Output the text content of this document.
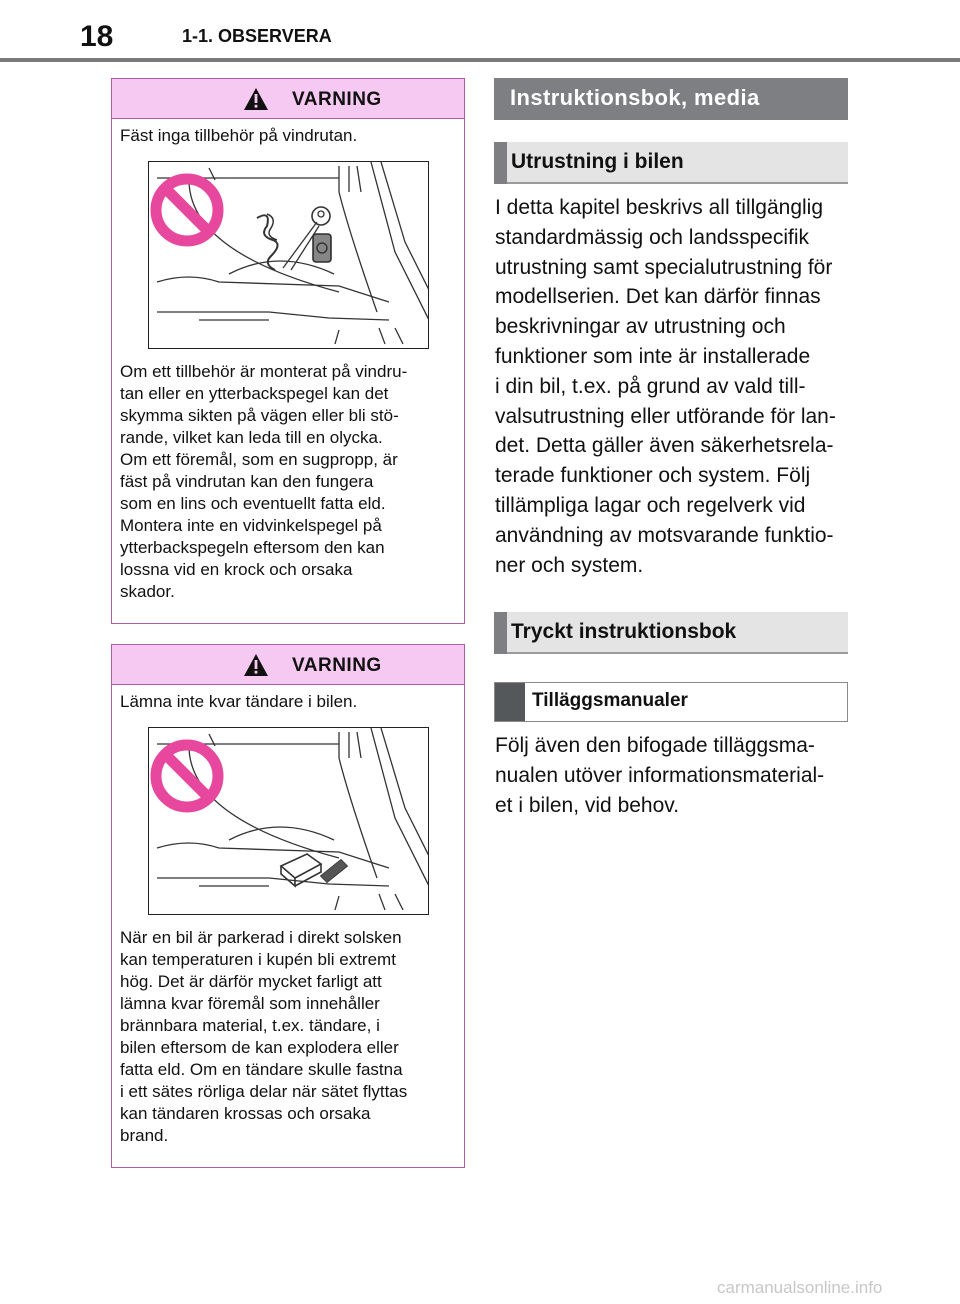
18	1-1. OBSERVERA
VARNING
Fäst inga tillbehör på vindrutan.
Om ett tillbehör är monterat på vindru-
tan eller en ytterbackspegel kan det
skymma sikten på vägen eller bli stö-
rande, vilket kan leda till en olycka.
Om ett föremål, som en sugpropp, är
fäst på vindrutan kan den fungera
som en lins och eventuellt fatta eld.
Montera inte en vidvinkelspegel på
ytterbackspegeln eftersom den kan
lossna vid en krock och orsaka
skador.
VARNING
Lämna inte kvar tändare i bilen.
När en bil är parkerad i direkt solsken
kan temperaturen i kupén bli extremt
hög. Det är därför mycket farligt att
lämna kvar föremål som innehåller
brännbara material, t.ex. tändare, i
bilen eftersom de kan explodera eller
fatta eld. Om en tändare skulle fastna
i ett sätes rörliga delar när sätet flyttas
kan tändaren krossas och orsaka
brand.
Instruktionsbok, media
Utrustning i bilen
I detta kapitel beskrivs all tillgänglig
standardmässig och landsspecifik
utrustning samt specialutrustning för
modellserien. Det kan därför finnas
beskrivningar av utrustning och
funktioner som inte är installerade
i din bil, t.ex. på grund av vald till-
valsutrustning eller utförande för lan-
det. Detta gäller även säkerhetsrela-
terade funktioner och system. Följ
tillämpliga lagar och regelverk vid
användning av motsvarande funktio-
ner och system.
Tryckt instruktionsbok
Tilläggsmanualer
Följ även den bifogade tilläggsma-
nualen utöver informationsmaterial-
et i bilen, vid behov.
carmanualsonline.info
